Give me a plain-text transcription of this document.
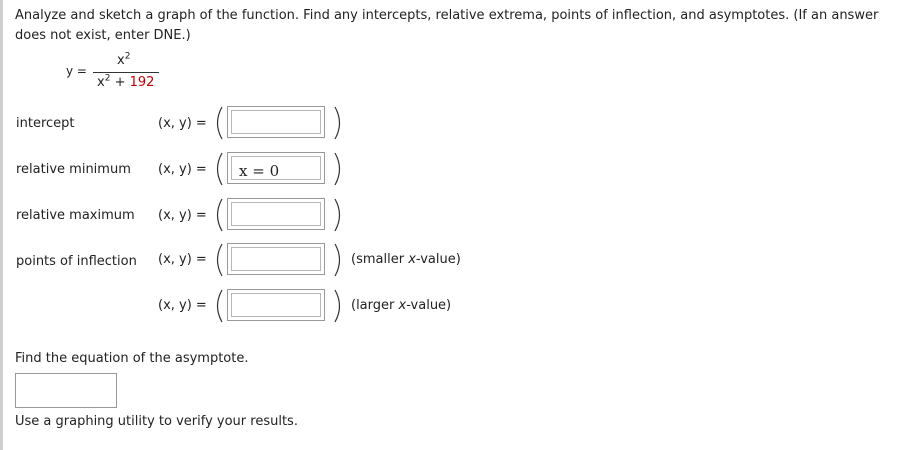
Analyze and sketch a graph of the function. Find any intercepts, relative extrema, points of inflection, and asymptotes. (If an answer
does not exist, enter DNE.)
y =
$x^2$
$x^2 + 192$
intercept	(x, y) =
relative minimum (x, y) = x = 0
relative maximum (x, y) =
points of inflection (x, y) =	(smaller x-value)
(x, y) =	(larger x-value)
Find the equation of the asymptote.
Use a graphing utility to verify your results.
